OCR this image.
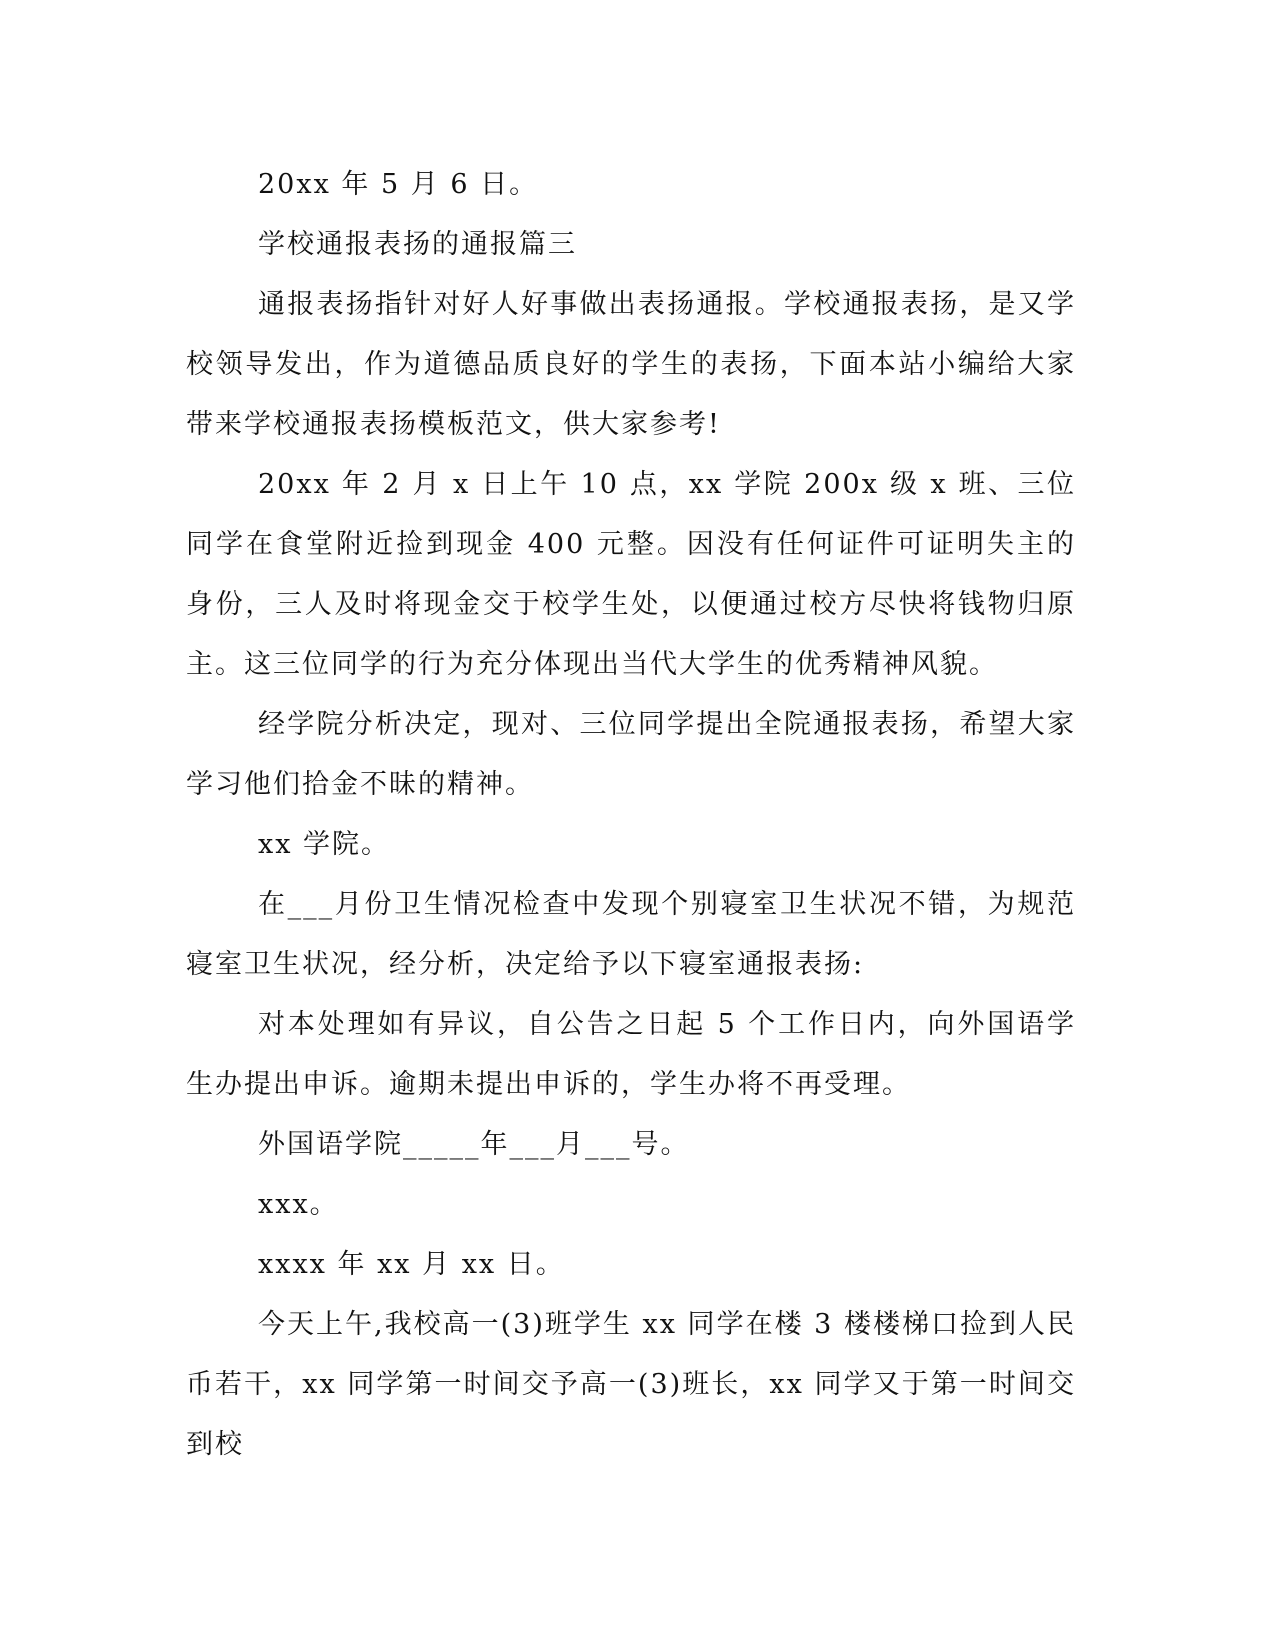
20xx 年 5 月 6 日。

学校通报表扬的通报篇三

通报表扬指针对好人好事做出表扬通报。学校通报表扬，是又学校领导发出，作为道德品质良好的学生的表扬，下面本站小编给大家带来学校通报表扬模板范文，供大家参考!

20xx 年 2 月 x 日上午 10 点，xx 学院 200x 级 x 班、三位同学在食堂附近捡到现金 400 元整。因没有任何证件可证明失主的身份，三人及时将现金交于校学生处，以便通过校方尽快将钱物归原主。这三位同学的行为充分体现出当代大学生的优秀精神风貌。

经学院分析决定，现对、三位同学提出全院通报表扬，希望大家学习他们拾金不昧的精神。

xx 学院。

在___月份卫生情况检查中发现个别寝室卫生状况不错，为规范寝室卫生状况，经分析，决定给予以下寝室通报表扬:

对本处理如有异议，自公告之日起 5 个工作日内，向外国语学生办提出申诉。逾期未提出申诉的，学生办将不再受理。

外国语学院_____年___月___号。

xxx。

xxxx 年 xx 月 xx 日。

今天上午,我校高一(3)班学生 xx 同学在楼 3 楼楼梯口捡到人民币若干，xx 同学第一时间交予高一(3)班长，xx 同学又于第一时间交到校
